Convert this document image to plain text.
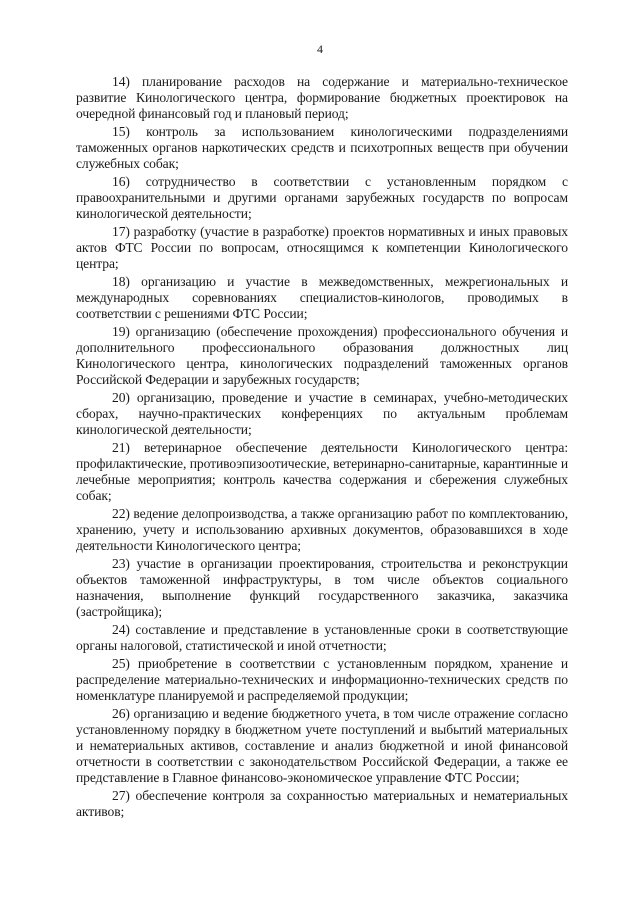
4

14) планирование расходов на содержание и материально-техническое развитие Кинологического центра, формирование бюджетных проектировок на очередной финансовый год и плановый период;

15) контроль за использованием кинологическими подразделениями таможенных органов наркотических средств и психотропных веществ при обучении служебных собак;

16) сотрудничество в соответствии с установленным порядком с правоохранительными и другими органами зарубежных государств по вопросам кинологической деятельности;

17) разработку (участие в разработке) проектов нормативных и иных правовых актов ФТС России по вопросам, относящимся к компетенции Кинологического центра;

18) организацию и участие в межведомственных, межрегиональных и международных соревнованиях специалистов-кинологов, проводимых в соответствии с решениями ФТС России;

19) организацию (обеспечение прохождения) профессионального обучения и дополнительного профессионального образования должностных лиц Кинологического центра, кинологических подразделений таможенных органов Российской Федерации и зарубежных государств;

20) организацию, проведение и участие в семинарах, учебно-методических сборах, научно-практических конференциях по актуальным проблемам кинологической деятельности;

21) ветеринарное обеспечение деятельности Кинологического центра: профилактические, противоэпизоотические, ветеринарно-санитарные, карантинные и лечебные мероприятия; контроль качества содержания и сбережения служебных собак;

22) ведение делопроизводства, а также организацию работ по комплектованию, хранению, учету и использованию архивных документов, образовавшихся в ходе деятельности Кинологического центра;

23) участие в организации проектирования, строительства и реконструкции объектов таможенной инфраструктуры, в том числе объектов социального назначения, выполнение функций государственного заказчика, заказчика (застройщика);

24) составление и представление в установленные сроки в соответствующие органы налоговой, статистической и иной отчетности;

25) приобретение в соответствии с установленным порядком, хранение и распределение материально-технических и информационно-технических средств по номенклатуре планируемой и распределяемой продукции;

26) организацию и ведение бюджетного учета, в том числе отражение согласно установленному порядку в бюджетном учете поступлений и выбытий материальных и нематериальных активов, составление и анализ бюджетной и иной финансовой отчетности в соответствии с законодательством Российской Федерации, а также ее представление в Главное финансово-экономическое управление ФТС России;

27) обеспечение контроля за сохранностью материальных и нематериальных активов;
